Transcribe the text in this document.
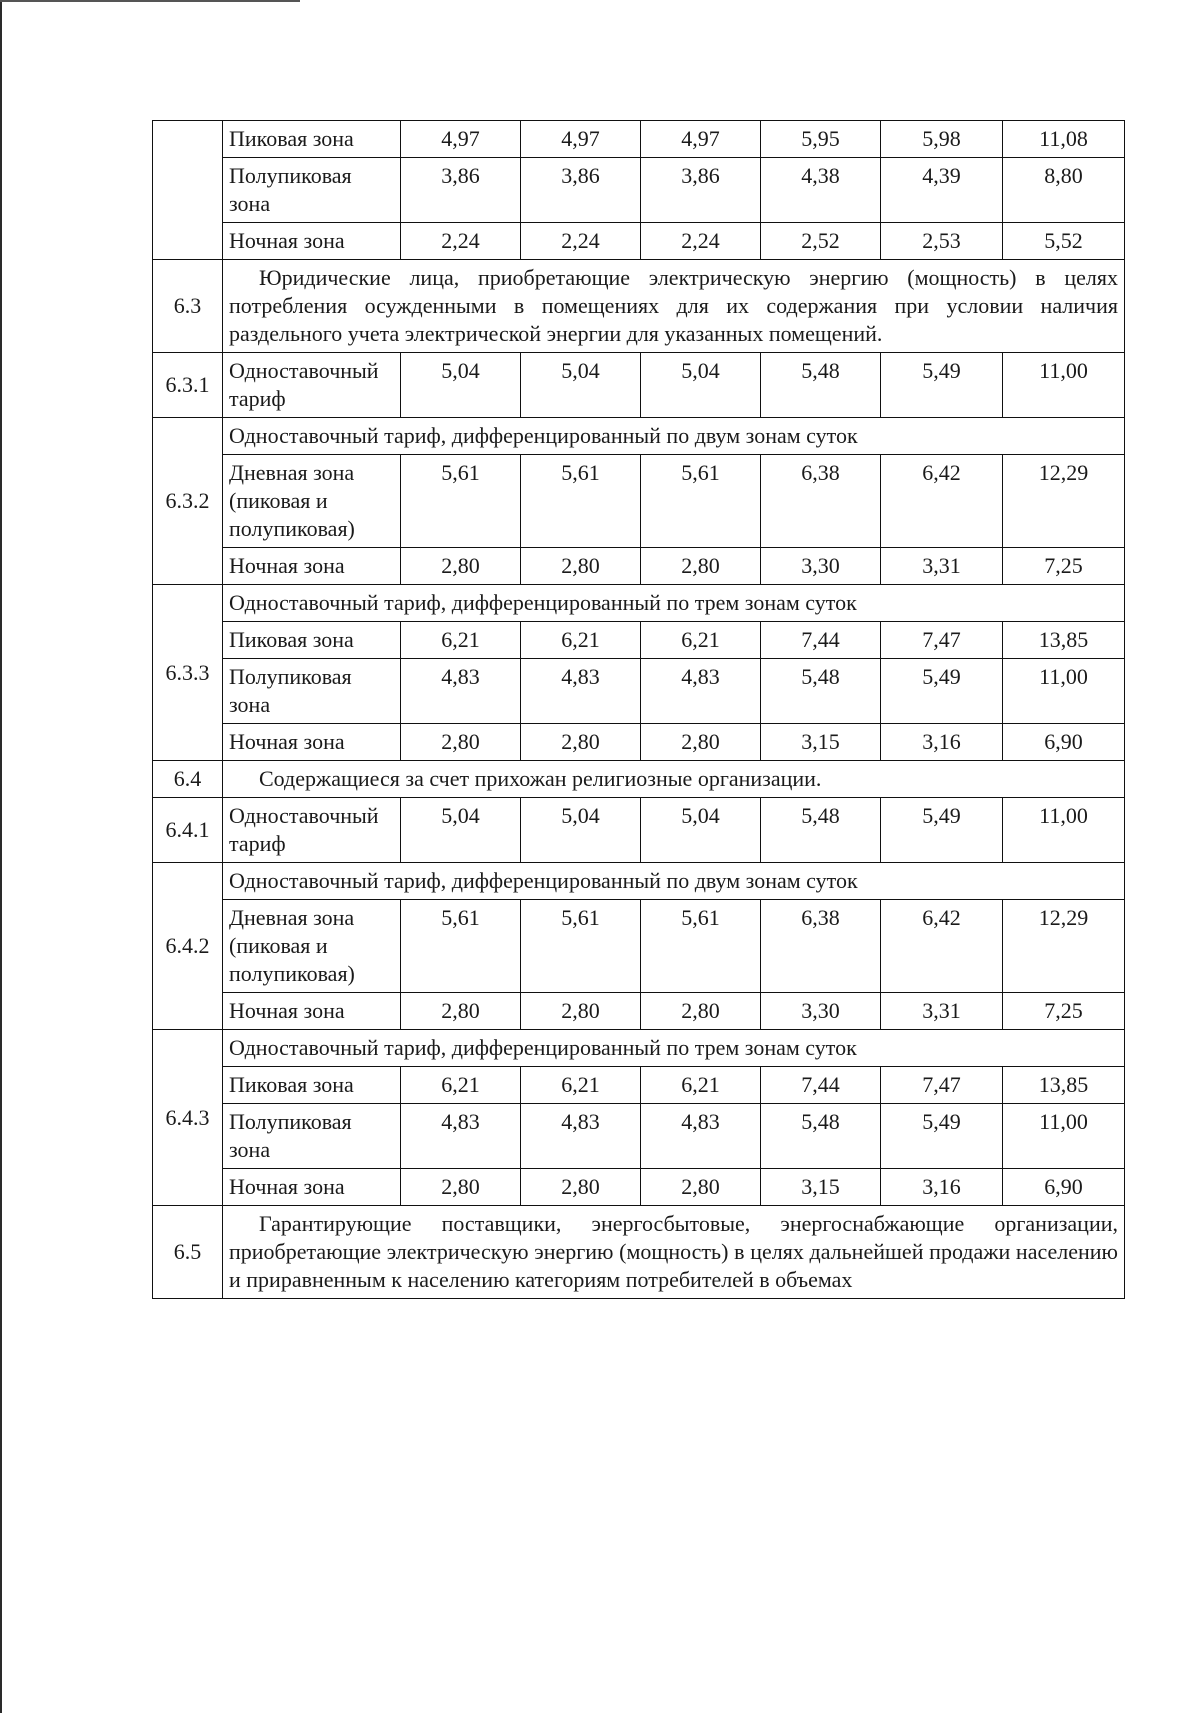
	Пиковая зона	4,97	4,97	4,97	5,95	5,98	11,08
	Полупиковая зона	3,86	3,86	3,86	4,38	4,39	8,80
	Ночная зона	2,24	2,24	2,24	2,52	2,53	5,52
6.3	Юридические лица, приобретающие электрическую энергию (мощность) в целях потребления осужденными в помещениях для их содержания при условии наличия раздельного учета электрической энергии для указанных помещений.						
6.3.1	Одноставочный тариф	5,04	5,04	5,04	5,48	5,49	11,00
6.3.2	Одноставочный тариф, дифференцированный по двум зонам суток						
	Дневная зона (пиковая и полупиковая)	5,61	5,61	5,61	6,38	6,42	12,29
	Ночная зона	2,80	2,80	2,80	3,30	3,31	7,25
6.3.3	Одноставочный тариф, дифференцированный по трем зонам суток						
	Пиковая зона	6,21	6,21	6,21	7,44	7,47	13,85
	Полупиковая зона	4,83	4,83	4,83	5,48	5,49	11,00
	Ночная зона	2,80	2,80	2,80	3,15	3,16	6,90
6.4	Содержащиеся за счет прихожан религиозные организации.						
6.4.1	Одноставочный тариф	5,04	5,04	5,04	5,48	5,49	11,00
6.4.2	Одноставочный тариф, дифференцированный по двум зонам суток						
	Дневная зона (пиковая и полупиковая)	5,61	5,61	5,61	6,38	6,42	12,29
	Ночная зона	2,80	2,80	2,80	3,30	3,31	7,25
6.4.3	Одноставочный тариф, дифференцированный по трем зонам суток						
	Пиковая зона	6,21	6,21	6,21	7,44	7,47	13,85
	Полупиковая зона	4,83	4,83	4,83	5,48	5,49	11,00
	Ночная зона	2,80	2,80	2,80	3,15	3,16	6,90
6.5	Гарантирующие поставщики, энергосбытовые, энергоснабжающие организации, приобретающие электрическую энергию (мощность) в целях дальнейшей продажи населению и приравненным к населению категориям потребителей в объемах						
